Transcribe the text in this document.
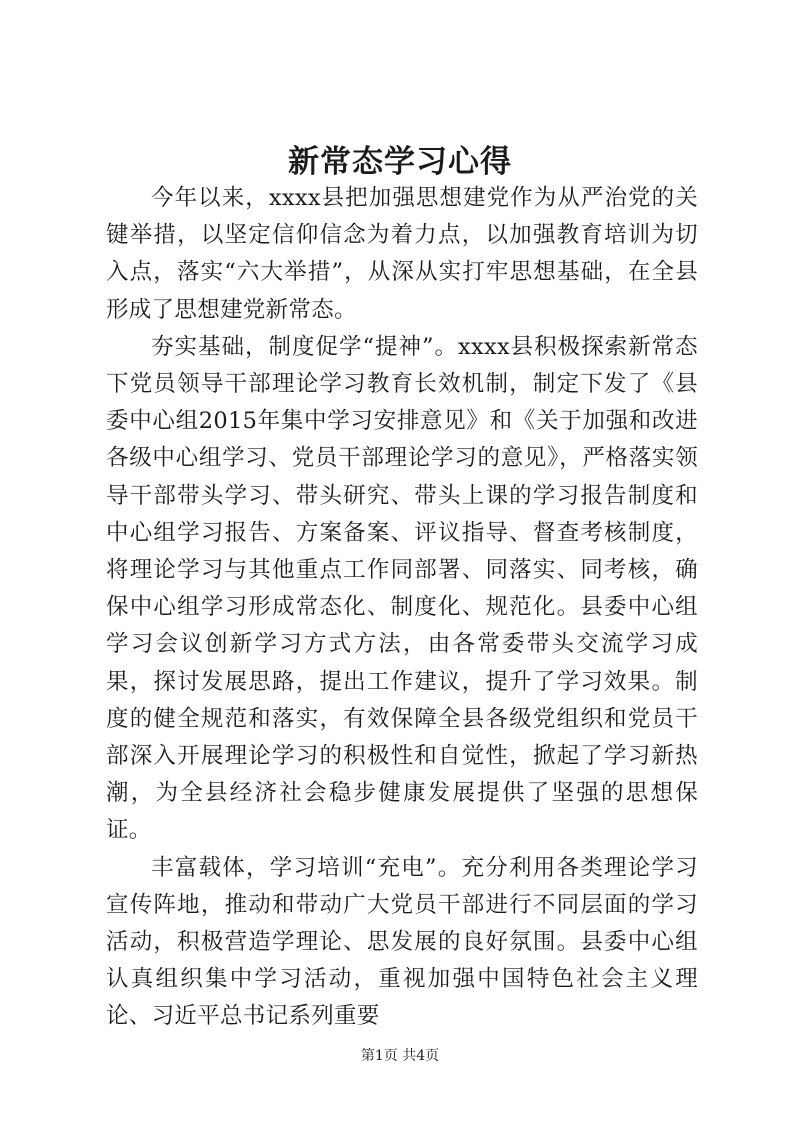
新常态学习心得

今年以来，xxxx县把加强思想建党作为从严治党的关键举措，以坚定信仰信念为着力点，以加强教育培训为切入点，落实“六大举措”，从深从实打牢思想基础，在全县形成了思想建党新常态。

夯实基础，制度促学“提神”。xxxx县积极探索新常态下党员领导干部理论学习教育长效机制，制定下发了《县委中心组2015年集中学习安排意见》和《关于加强和改进各级中心组学习、党员干部理论学习的意见》，严格落实领导干部带头学习、带头研究、带头上课的学习报告制度和中心组学习报告、方案备案、评议指导、督查考核制度，将理论学习与其他重点工作同部署、同落实、同考核，确保中心组学习形成常态化、制度化、规范化。县委中心组学习会议创新学习方式方法，由各常委带头交流学习成果，探讨发展思路，提出工作建议，提升了学习效果。制度的健全规范和落实，有效保障全县各级党组织和党员干部深入开展理论学习的积极性和自觉性，掀起了学习新热潮，为全县经济社会稳步健康发展提供了坚强的思想保证。

丰富载体，学习培训“充电”。充分利用各类理论学习宣传阵地，推动和带动广大党员干部进行不同层面的学习活动，积极营造学理论、思发展的良好氛围。县委中心组认真组织集中学习活动，重视加强中国特色社会主义理论、习近平总书记系列重要

第1页 共4页
